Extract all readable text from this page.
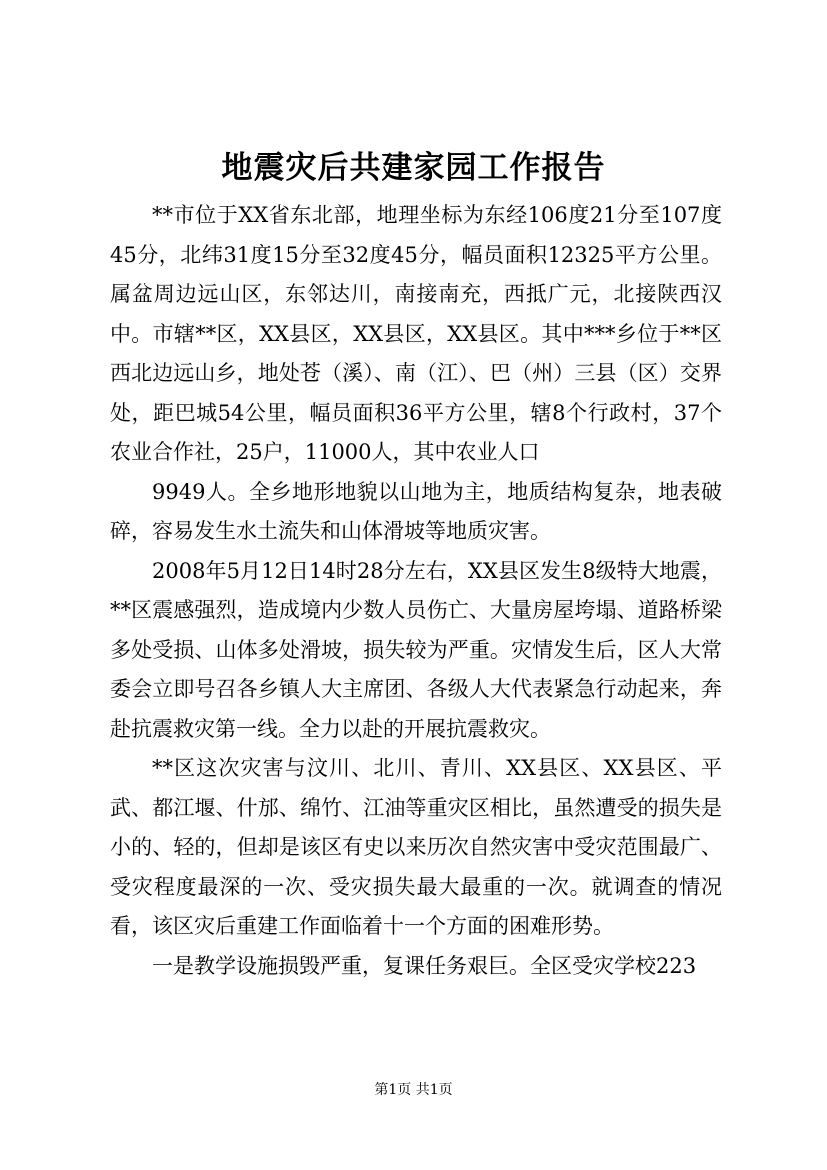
地震灾后共建家园工作报告

**市位于XX省东北部，地理坐标为东经106度21分至107度45分，北纬31度15分至32度45分，幅员面积12325平方公里。属盆周边远山区，东邻达川，南接南充，西抵广元，北接陕西汉中。市辖**区，XX县区，XX县区，XX县区。其中***乡位于**区西北边远山乡，地处苍（溪）、南（江）、巴（州）三县（区）交界处，距巴城54公里，幅员面积36平方公里，辖8个行政村，37个农业合作社，25户，11000人，其中农业人口

9949人。全乡地形地貌以山地为主，地质结构复杂，地表破碎，容易发生水土流失和山体滑坡等地质灾害。

2008年5月12日14时28分左右，XX县区发生8级特大地震，**区震感强烈，造成境内少数人员伤亡、大量房屋垮塌、道路桥梁多处受损、山体多处滑坡，损失较为严重。灾情发生后，区人大常委会立即号召各乡镇人大主席团、各级人大代表紧急行动起来，奔赴抗震救灾第一线。全力以赴的开展抗震救灾。

**区这次灾害与汶川、北川、青川、XX县区、XX县区、平武、都江堰、什邡、绵竹、江油等重灾区相比，虽然遭受的损失是小的、轻的，但却是该区有史以来历次自然灾害中受灾范围最广、受灾程度最深的一次、受灾损失最大最重的一次。就调查的情况看，该区灾后重建工作面临着十一个方面的困难形势。

一是教学设施损毁严重，复课任务艰巨。全区受灾学校223

第1页 共1页
